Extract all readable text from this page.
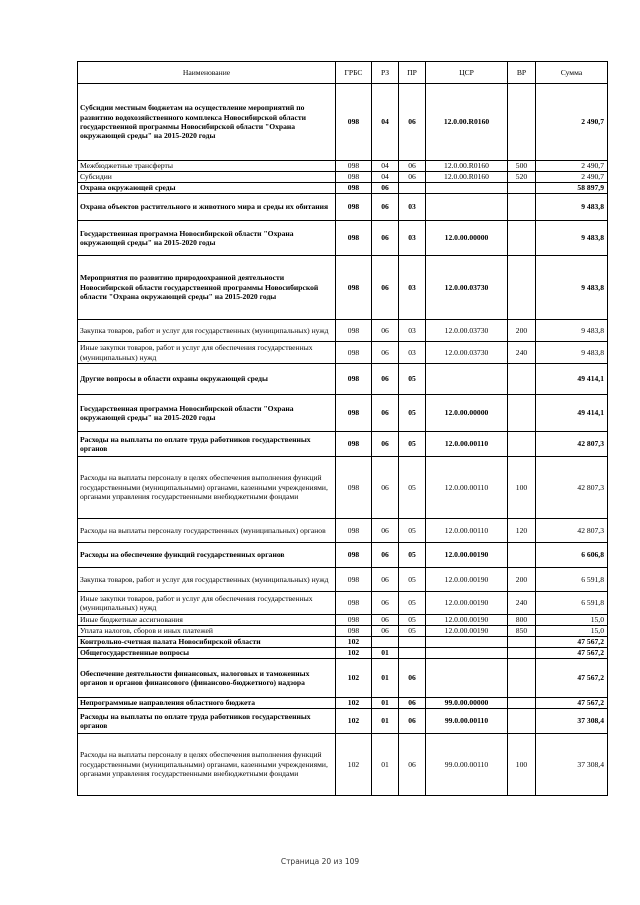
Наименование	ГРБС	РЗ	ПР	ЦСР	ВР	Сумма
Субсидии местным бюджетам на осуществление мероприятий по развитию водохозяйственного комплекса Новосибирской области государственной программы Новосибирской области "Охрана окружающей среды" на 2015-2020 годы	098	04	06	12.0.00.R0160		2 490,7
Межбюджетные трансферты	098	04	06	12.0.00.R0160	500	2 490,7
Субсидии	098	04	06	12.0.00.R0160	520	2 490,7
Охрана окружающей среды	098	06				58 897,9
Охрана объектов растительного и животного мира и среды их обитания	098	06	03			9 483,8
Государственная программа Новосибирской области "Охрана окружающей среды" на 2015-2020 годы	098	06	03	12.0.00.00000		9 483,8
Мероприятия по развитию природоохранной деятельности Новосибирской области государственной программы Новосибирской области "Охрана окружающей среды" на 2015-2020 годы	098	06	03	12.0.00.03730		9 483,8
Закупка товаров, работ и услуг для государственных (муниципальных) нужд	098	06	03	12.0.00.03730	200	9 483,8
Иные закупки товаров, работ и услуг для обеспечения государственных (муниципальных) нужд	098	06	03	12.0.00.03730	240	9 483,8
Другие вопросы в области охраны окружающей среды	098	06	05			49 414,1
Государственная программа Новосибирской области "Охрана окружающей среды" на 2015-2020 годы	098	06	05	12.0.00.00000		49 414,1
Расходы на выплаты по оплате труда работников государственных органов	098	06	05	12.0.00.00110		42 807,3
Расходы на выплаты персоналу в целях обеспечения выполнения функций государственными (муниципальными) органами, казенными учреждениями, органами управления государственными внебюджетными фондами	098	06	05	12.0.00.00110	100	42 807,3
Расходы на выплаты персоналу государственных (муниципальных) органов	098	06	05	12.0.00.00110	120	42 807,3
Расходы на обеспечение функций государственных органов	098	06	05	12.0.00.00190		6 606,8
Закупка товаров, работ и услуг для государственных (муниципальных) нужд	098	06	05	12.0.00.00190	200	6 591,8
Иные закупки товаров, работ и услуг для обеспечения государственных (муниципальных) нужд	098	06	05	12.0.00.00190	240	6 591,8
Иные бюджетные ассигнования	098	06	05	12.0.00.00190	800	15,0
Уплата налогов, сборов и иных платежей	098	06	05	12.0.00.00190	850	15,0
Контрольно-счетная палата Новосибирской области	102					47 567,2
Общегосударственные вопросы	102	01				47 567,2
Обеспечение деятельности финансовых, налоговых и таможенных органов и органов финансового (финансово-бюджетного) надзора	102	01	06			47 567,2
Непрограммные направления областного бюджета	102	01	06	99.0.00.00000		47 567,2
Расходы на выплаты по оплате труда работников государственных органов	102	01	06	99.0.00.00110		37 308,4
Расходы на выплаты персоналу в целях обеспечения выполнения функций государственными (муниципальными) органами, казенными учреждениями, органами управления государственными внебюджетными фондами	102	01	06	99.0.00.00110	100	37 308,4
Страница 20 из 109
